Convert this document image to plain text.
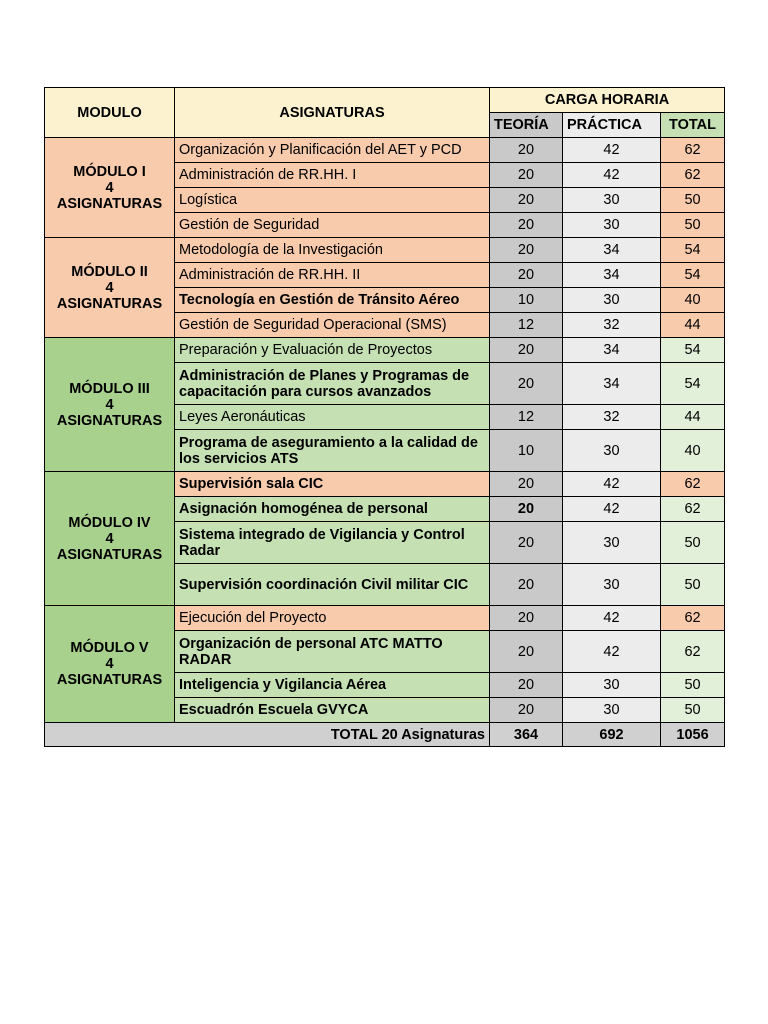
MODULO	ASIGNATURAS	CARGA HORARIA		
		TEORÍA	PRÁCTICA	TOTAL

MÓDULO I
4
ASIGNATURAS	Organización y Planificación del AET y PCD	20	42	62
	Administración de RR.HH. I	20	42	62
	Logística	20	30	50
	Gestión de Seguridad	20	30	50

MÓDULO II
4
ASIGNATURAS	Metodología de la Investigación	20	34	54
	Administración de RR.HH. II	20	34	54
	Tecnología en Gestión de Tránsito Aéreo	10	30	40
	Gestión de Seguridad Operacional (SMS)	12	32	44

MÓDULO III
4
ASIGNATURAS	Preparación y Evaluación de Proyectos	20	34	54
	Administración de Planes y Programas de capacitación para cursos avanzados	20	34	54
	Leyes Aeronáuticas	12	32	44
	Programa de aseguramiento a la calidad de los servicios ATS	10	30	40

MÓDULO IV
4
ASIGNATURAS	Supervisión sala CIC	20	42	62
	Asignación homogénea de personal	20	42	62
	Sistema integrado de Vigilancia y Control Radar	20	30	50
	Supervisión coordinación Civil militar CIC	20	30	50

MÓDULO V
4
ASIGNATURAS	Ejecución del Proyecto	20	42	62
	Organización de personal ATC MATTO RADAR	20	42	62
	Inteligencia y Vigilancia Aérea	20	30	50
	Escuadrón Escuela GVYCA	20	30	50
TOTAL 20 Asignaturas		364	692	1056
